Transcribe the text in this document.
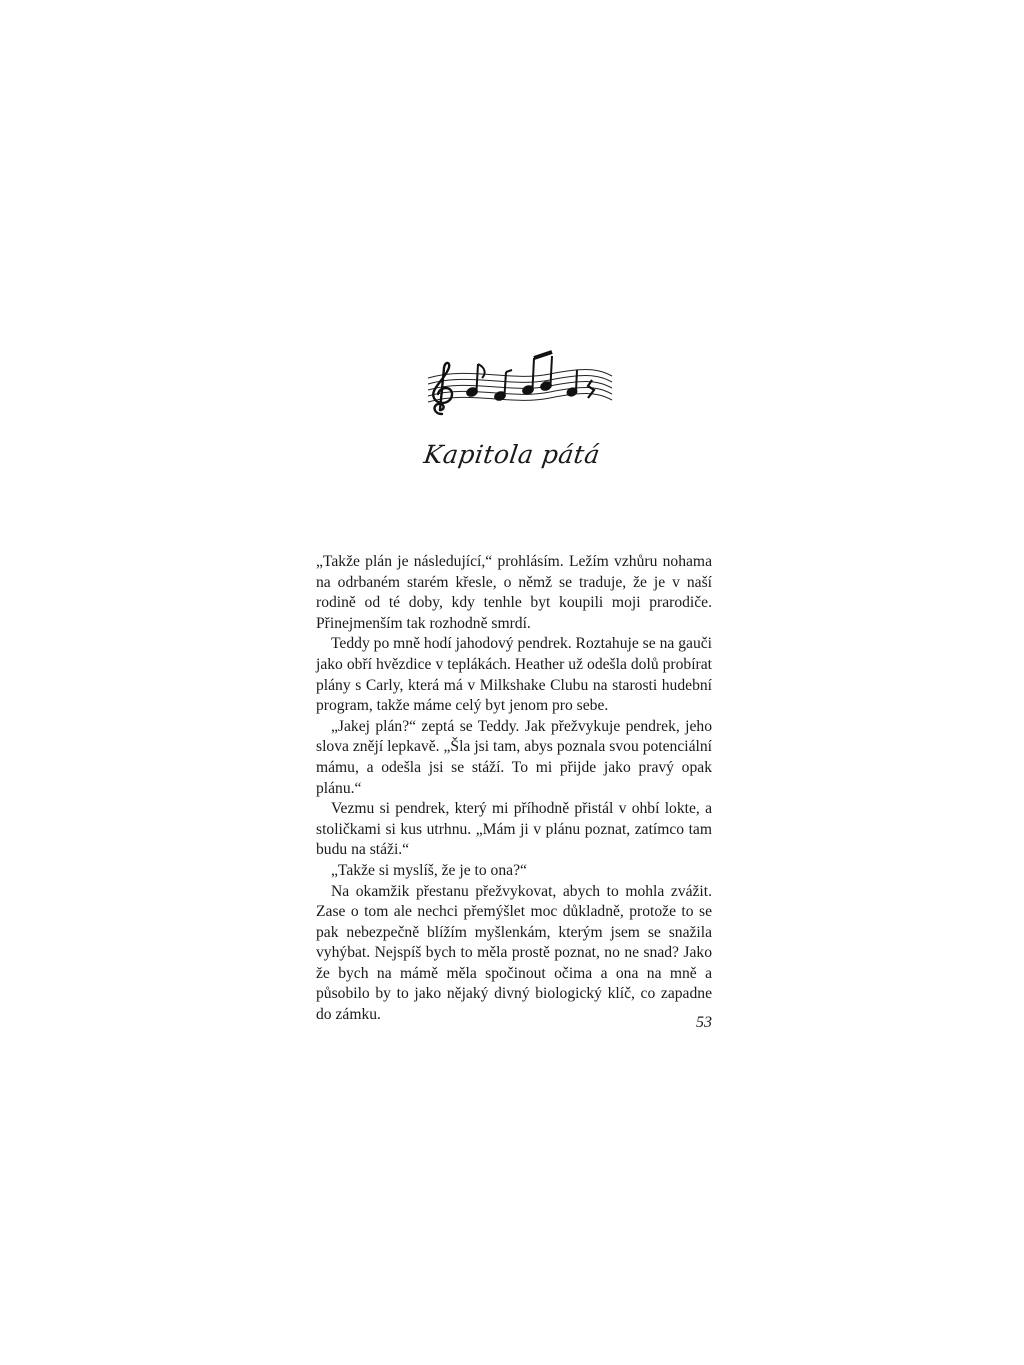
Kapitola pátá

„Takže plán je následující,“ prohlásím. Ležím vzhůru nohama na odrbaném starém křesle, o němž se traduje, že je v naší rodině od té doby, kdy tenhle byt koupili moji prarodiče. Přinejmenším tak rozhodně smrdí.

Teddy po mně hodí jahodový pendrek. Roztahuje se na gauči jako obří hvězdice v teplákách. Heather už odešla dolů probírat plány s Carly, která má v Milkshake Clubu na starosti hudební program, takže máme celý byt jenom pro sebe.

„Jakej plán?“ zeptá se Teddy. Jak přežvykuje pendrek, jeho slova znějí lepkavě. „Šla jsi tam, abys poznala svou potenciální mámu, a odešla jsi se stáží. To mi přijde jako pravý opak plánu.“

Vezmu si pendrek, který mi příhodně přistál v ohbí lokte, a stoličkami si kus utrhnu. „Mám ji v plánu poznat, zatímco tam budu na stáži.“

„Takže si myslíš, že je to ona?“

Na okamžik přestanu přežvykovat, abych to mohla zvážit. Zase o tom ale nechci přemýšlet moc důkladně, protože to se pak nebezpečně blížím myšlenkám, kterým jsem se snažila vyhýbat. Nejspíš bych to měla prostě poznat, no ne snad? Jako že bych na mámě měla spočinout očima a ona na mně a působilo by to jako nějaký divný biologický klíč, co zapadne do zámku.	53
